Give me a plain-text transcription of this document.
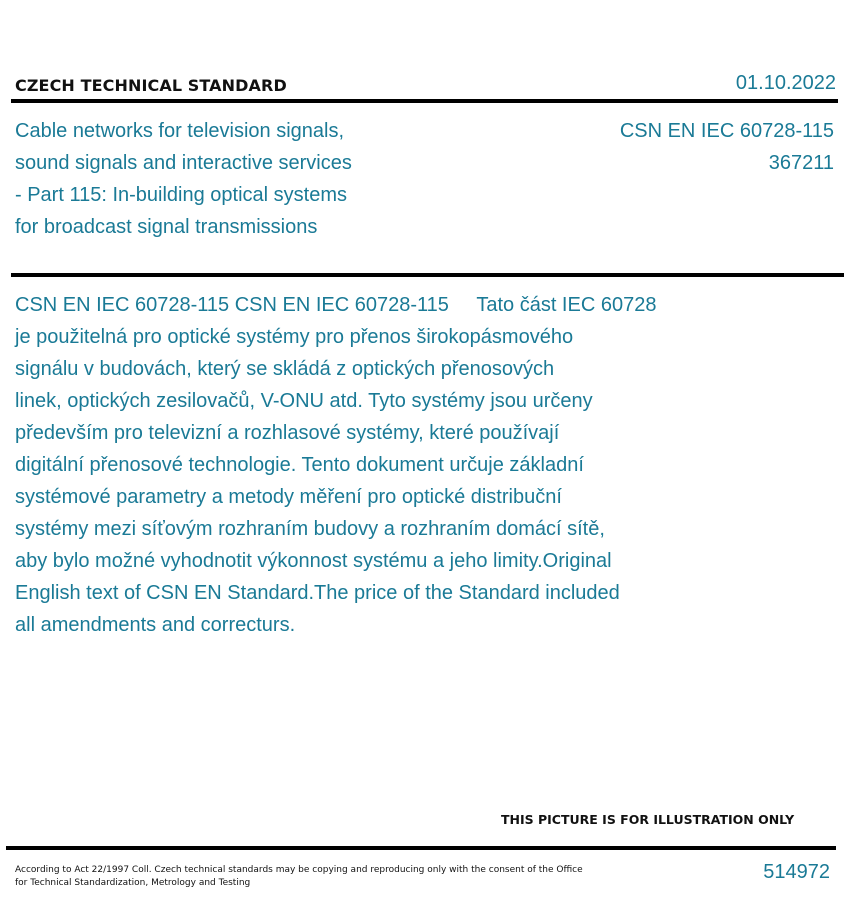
CZECH TECHNICAL STANDARD	01.10.2022
Cable networks for television signals,
sound signals and interactive services
- Part 115: In-building optical systems
for broadcast signal transmissions
CSN EN IEC 60728-115
367211
CSN EN IEC 60728-115 CSN EN IEC 60728-115     Tato část IEC 60728
je použitelná pro optické systémy pro přenos širokopásmového
signálu v budovách, který se skládá z optických přenosových
linek, optických zesilovačů, V-ONU atd. Tyto systémy jsou určeny
především pro televizní a rozhlasové systémy, které používají
digitální přenosové technologie. Tento dokument určuje základní
systémové parametry a metody měření pro optické distribuční
systémy mezi síťovým rozhraním budovy a rozhraním domácí sítě,
aby bylo možné vyhodnotit výkonnost systému a jeho limity.Original
English text of CSN EN Standard.The price of the Standard included
all amendments and correcturs.
THIS PICTURE IS FOR ILLUSTRATION ONLY
According to Act 22/1997 Coll. Czech technical standards may be copying and reproducing only with the consent of the Office
for Technical Standardization, Metrology and Testing	514972
